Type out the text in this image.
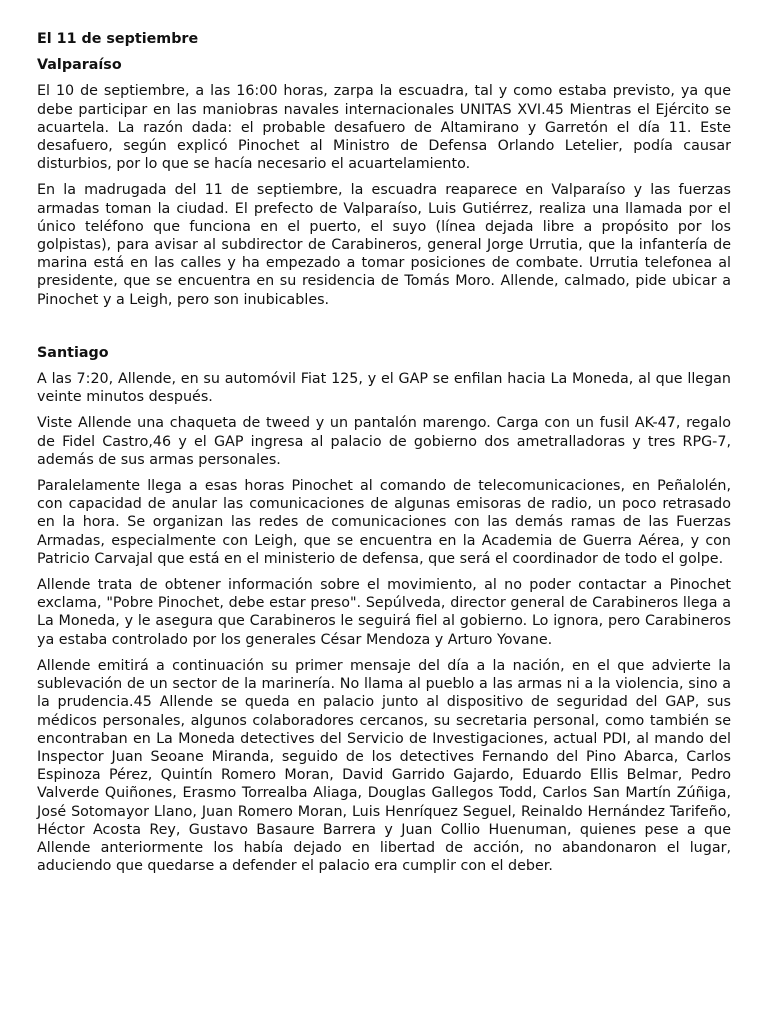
El 11 de septiembre
Valparaíso

El 10 de septiembre, a las 16:00 horas, zarpa la escuadra, tal y como estaba previsto, ya que debe participar en las maniobras navales internacionales UNITAS XVI.45 Mientras el Ejército se acuartela. La razón dada: el probable desafuero de Altamirano y Garretón el día 11. Este desafuero, según explicó Pinochet al Ministro de Defensa Orlando Letelier, podía causar disturbios, por lo que se hacía necesario el acuartelamiento.

En la madrugada del 11 de septiembre, la escuadra reaparece en Valparaíso y las fuerzas armadas toman la ciudad. El prefecto de Valparaíso, Luis Gutiérrez, realiza una llamada por el único teléfono que funciona en el puerto, el suyo (línea dejada libre a propósito por los golpistas), para avisar al subdirector de Carabineros, general Jorge Urrutia, que la infantería de marina está en las calles y ha empezado a tomar posiciones de combate. Urrutia telefonea al presidente, que se encuentra en su residencia de Tomás Moro. Allende, calmado, pide ubicar a Pinochet y a Leigh, pero son inubicables.

Santiago

A las 7:20, Allende, en su automóvil Fiat 125, y el GAP se enfilan hacia La Moneda, al que llegan veinte minutos después.

Viste Allende una chaqueta de tweed y un pantalón marengo. Carga con un fusil AK-47, regalo de Fidel Castro,46 y el GAP ingresa al palacio de gobierno dos ametralladoras y tres RPG-7, además de sus armas personales.

Paralelamente llega a esas horas Pinochet al comando de telecomunicaciones, en Peñalolén, con capacidad de anular las comunicaciones de algunas emisoras de radio, un poco retrasado en la hora. Se organizan las redes de comunicaciones con las demás ramas de las Fuerzas Armadas, especialmente con Leigh, que se encuentra en la Academia de Guerra Aérea, y con Patricio Carvajal que está en el ministerio de defensa, que será el coordinador de todo el golpe.

Allende trata de obtener información sobre el movimiento, al no poder contactar a Pinochet exclama, "Pobre Pinochet, debe estar preso". Sepúlveda, director general de Carabineros llega a La Moneda, y le asegura que Carabineros le seguirá fiel al gobierno. Lo ignora, pero Carabineros ya estaba controlado por los generales César Mendoza y Arturo Yovane.

Allende emitirá a continuación su primer mensaje del día a la nación, en el que advierte la sublevación de un sector de la marinería. No llama al pueblo a las armas ni a la violencia, sino a la prudencia.45 Allende se queda en palacio junto al dispositivo de seguridad del GAP, sus médicos personales, algunos colaboradores cercanos, su secretaria personal, como también se encontraban en La Moneda detectives del Servicio de Investigaciones, actual PDI, al mando del Inspector Juan Seoane Miranda, seguido de los detectives Fernando del Pino Abarca, Carlos Espinoza Pérez, Quintín Romero Moran, David Garrido Gajardo, Eduardo Ellis Belmar, Pedro Valverde Quiñones, Erasmo Torrealba Aliaga, Douglas Gallegos Todd, Carlos San Martín Zúñiga, José Sotomayor Llano, Juan Romero Moran, Luis Henríquez Seguel, Reinaldo Hernández Tarifeño, Héctor Acosta Rey, Gustavo Basaure Barrera y Juan Collio Huenuman, quienes pese a que Allende anteriormente los había dejado en libertad de acción, no abandonaron el lugar, aduciendo que quedarse a defender el palacio era cumplir con el deber.
